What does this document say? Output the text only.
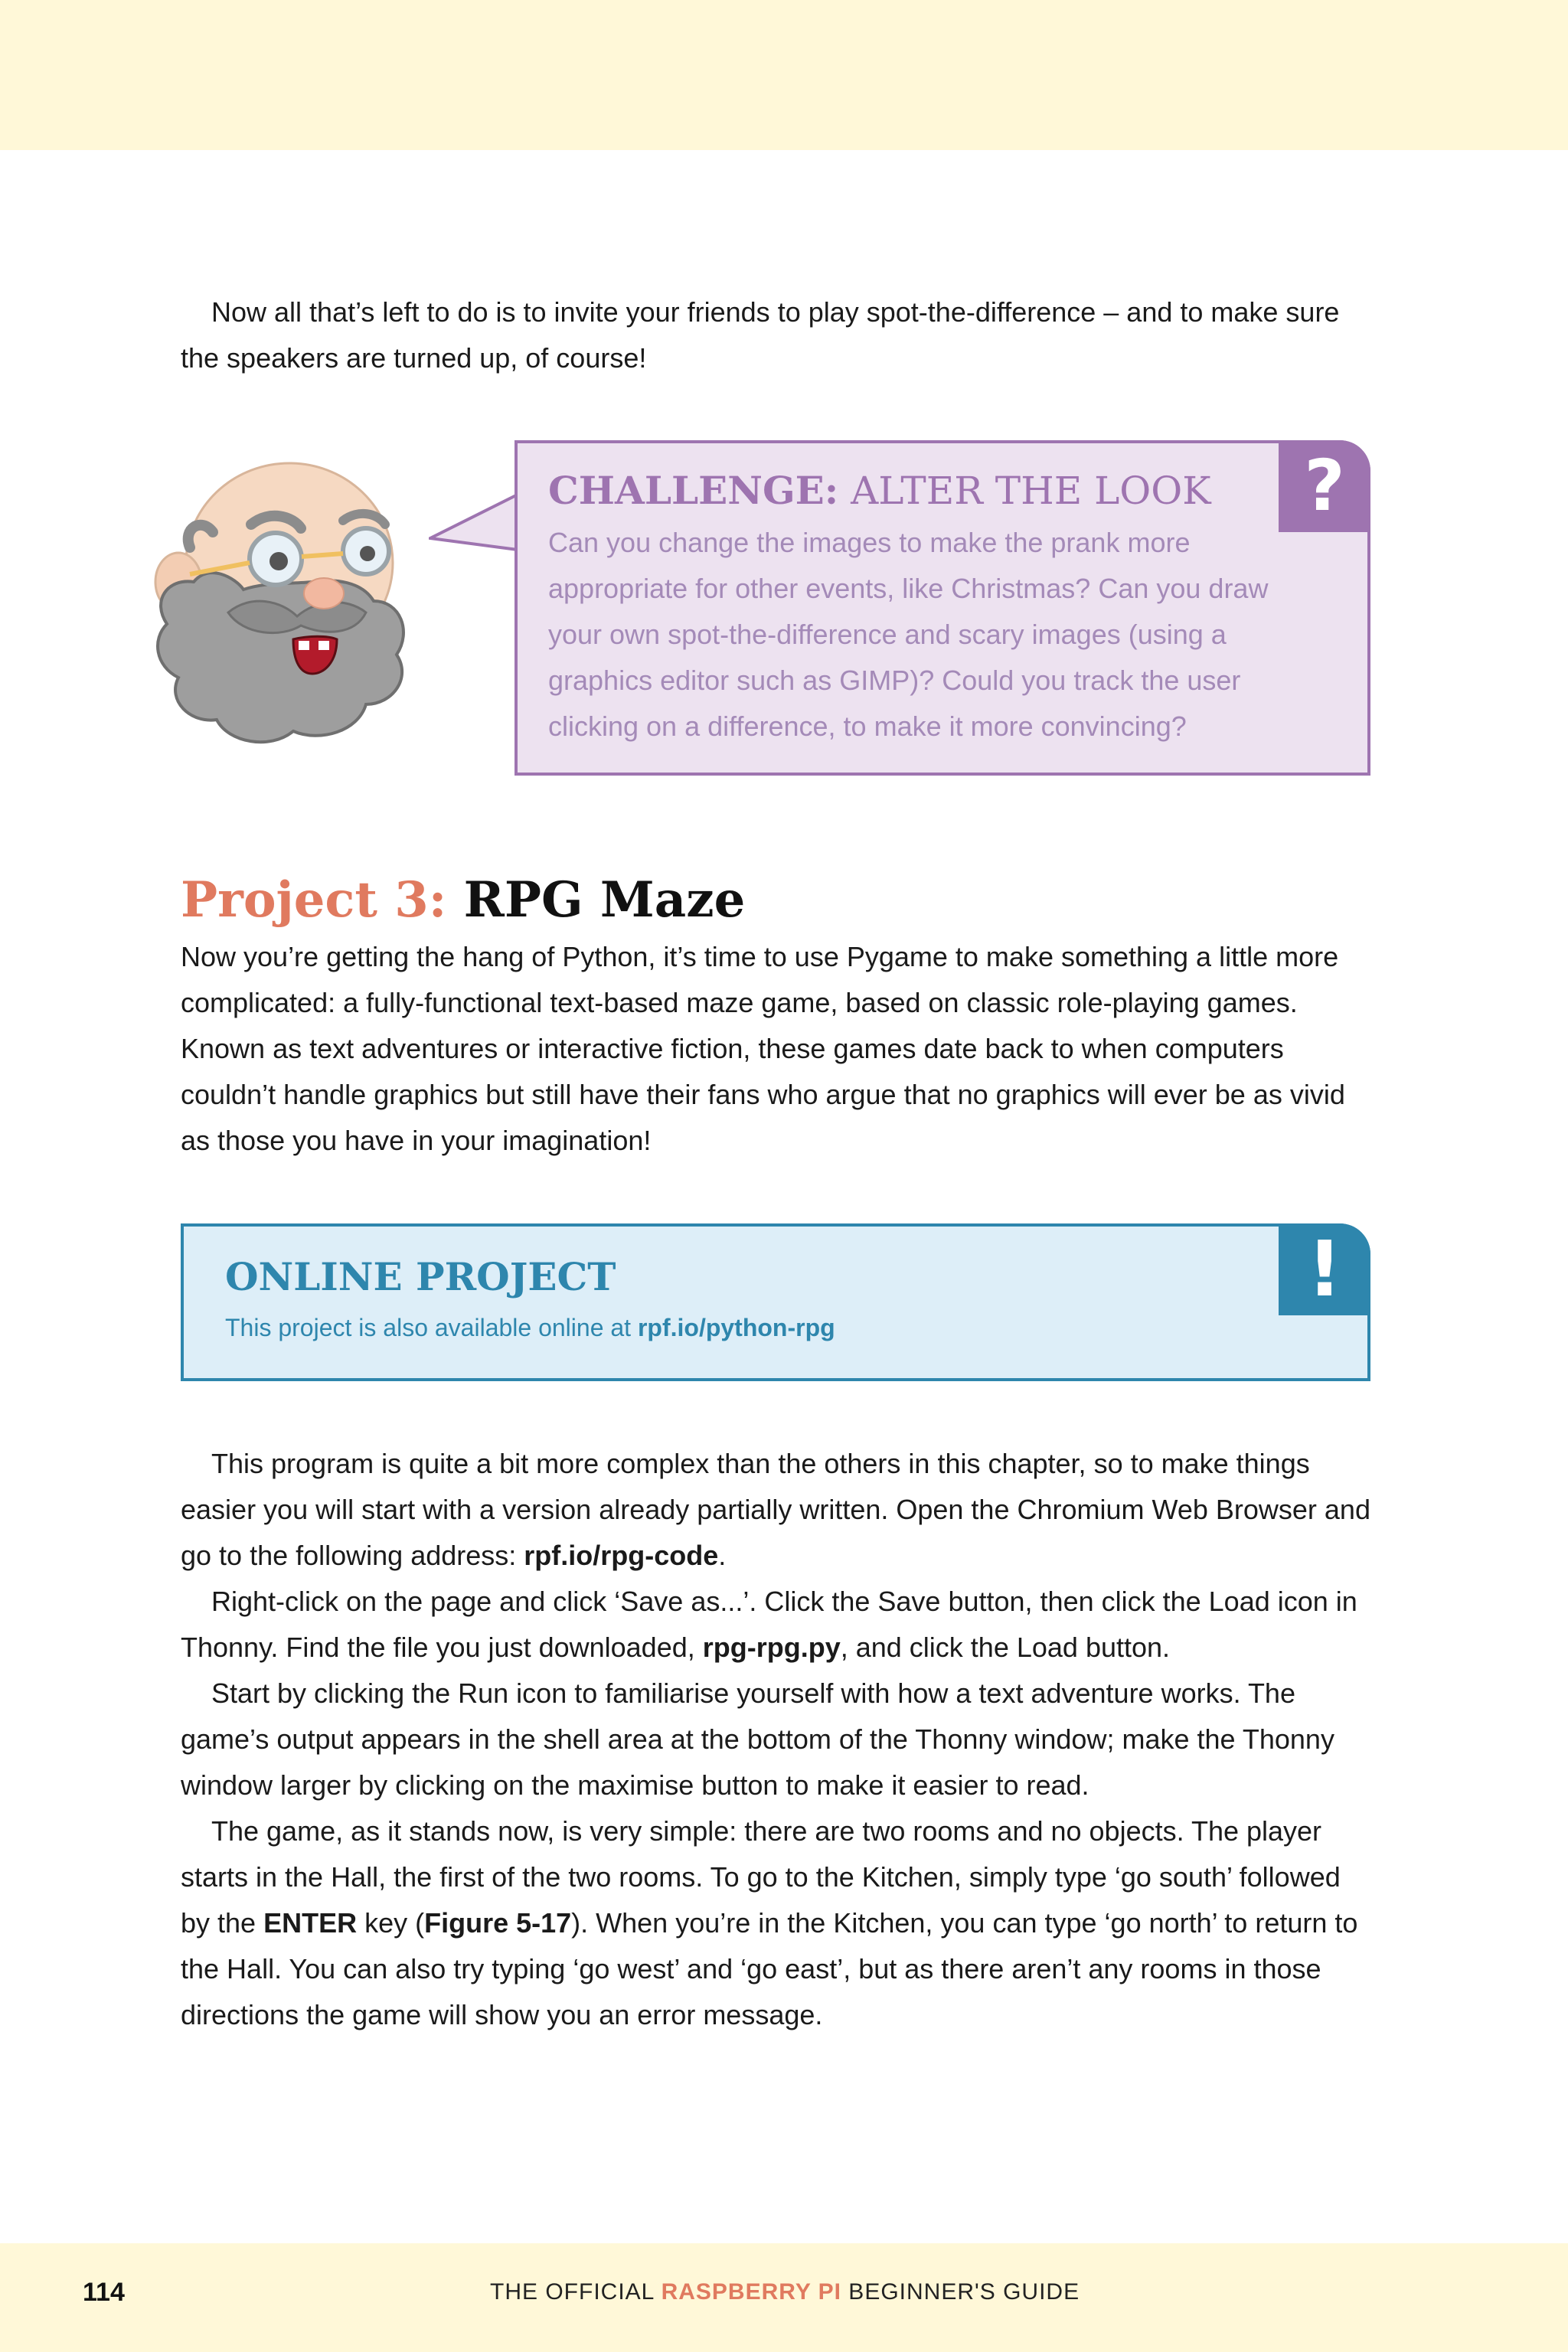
Now all that’s left to do is to invite your friends to play spot-the-difference – and to make sure the speakers are turned up, of course!

?
CHALLENGE: ALTER THE LOOK

Can you change the images to make the prank more appropriate for other events, like Christmas? Can you draw your own spot-the-difference and scary images (using a graphics editor such as GIMP)? Could you track the user clicking on a difference, to make it more convincing?

Project 3: RPG Maze

Now you’re getting the hang of Python, it’s time to use Pygame to make something a little more complicated: a fully-functional text-based maze game, based on classic role-playing games. Known as text adventures or interactive fiction, these games date back to when computers couldn’t handle graphics but still have their fans who argue that no graphics will ever be as vivid as those you have in your imagination!

!
ONLINE PROJECT

This project is also available online at rpf.io/python-rpg

This program is quite a bit more complex than the others in this chapter, so to make things easier you will start with a version already partially written. Open the Chromium Web Browser and go to the following address: rpf.io/rpg-code.

Right-click on the page and click ‘Save as...’. Click the Save button, then click the Load icon in Thonny. Find the file you just downloaded, rpg-rpg.py, and click the Load button.

Start by clicking the Run icon to familiarise yourself with how a text adventure works. The game’s output appears in the shell area at the bottom of the Thonny window; make the Thonny window larger by clicking on the maximise button to make it easier to read.

The game, as it stands now, is very simple: there are two rooms and no objects. The player starts in the Hall, the first of the two rooms. To go to the Kitchen, simply type ‘go south’ followed by the ENTER key (Figure 5-17). When you’re in the Kitchen, you can type ‘go north’ to return to the Hall. You can also try typing ‘go west’ and ‘go east’, but as there aren’t any rooms in those directions the game will show you an error message.

114	THE OFFICIAL RASPBERRY PI BEGINNER'S GUIDE
